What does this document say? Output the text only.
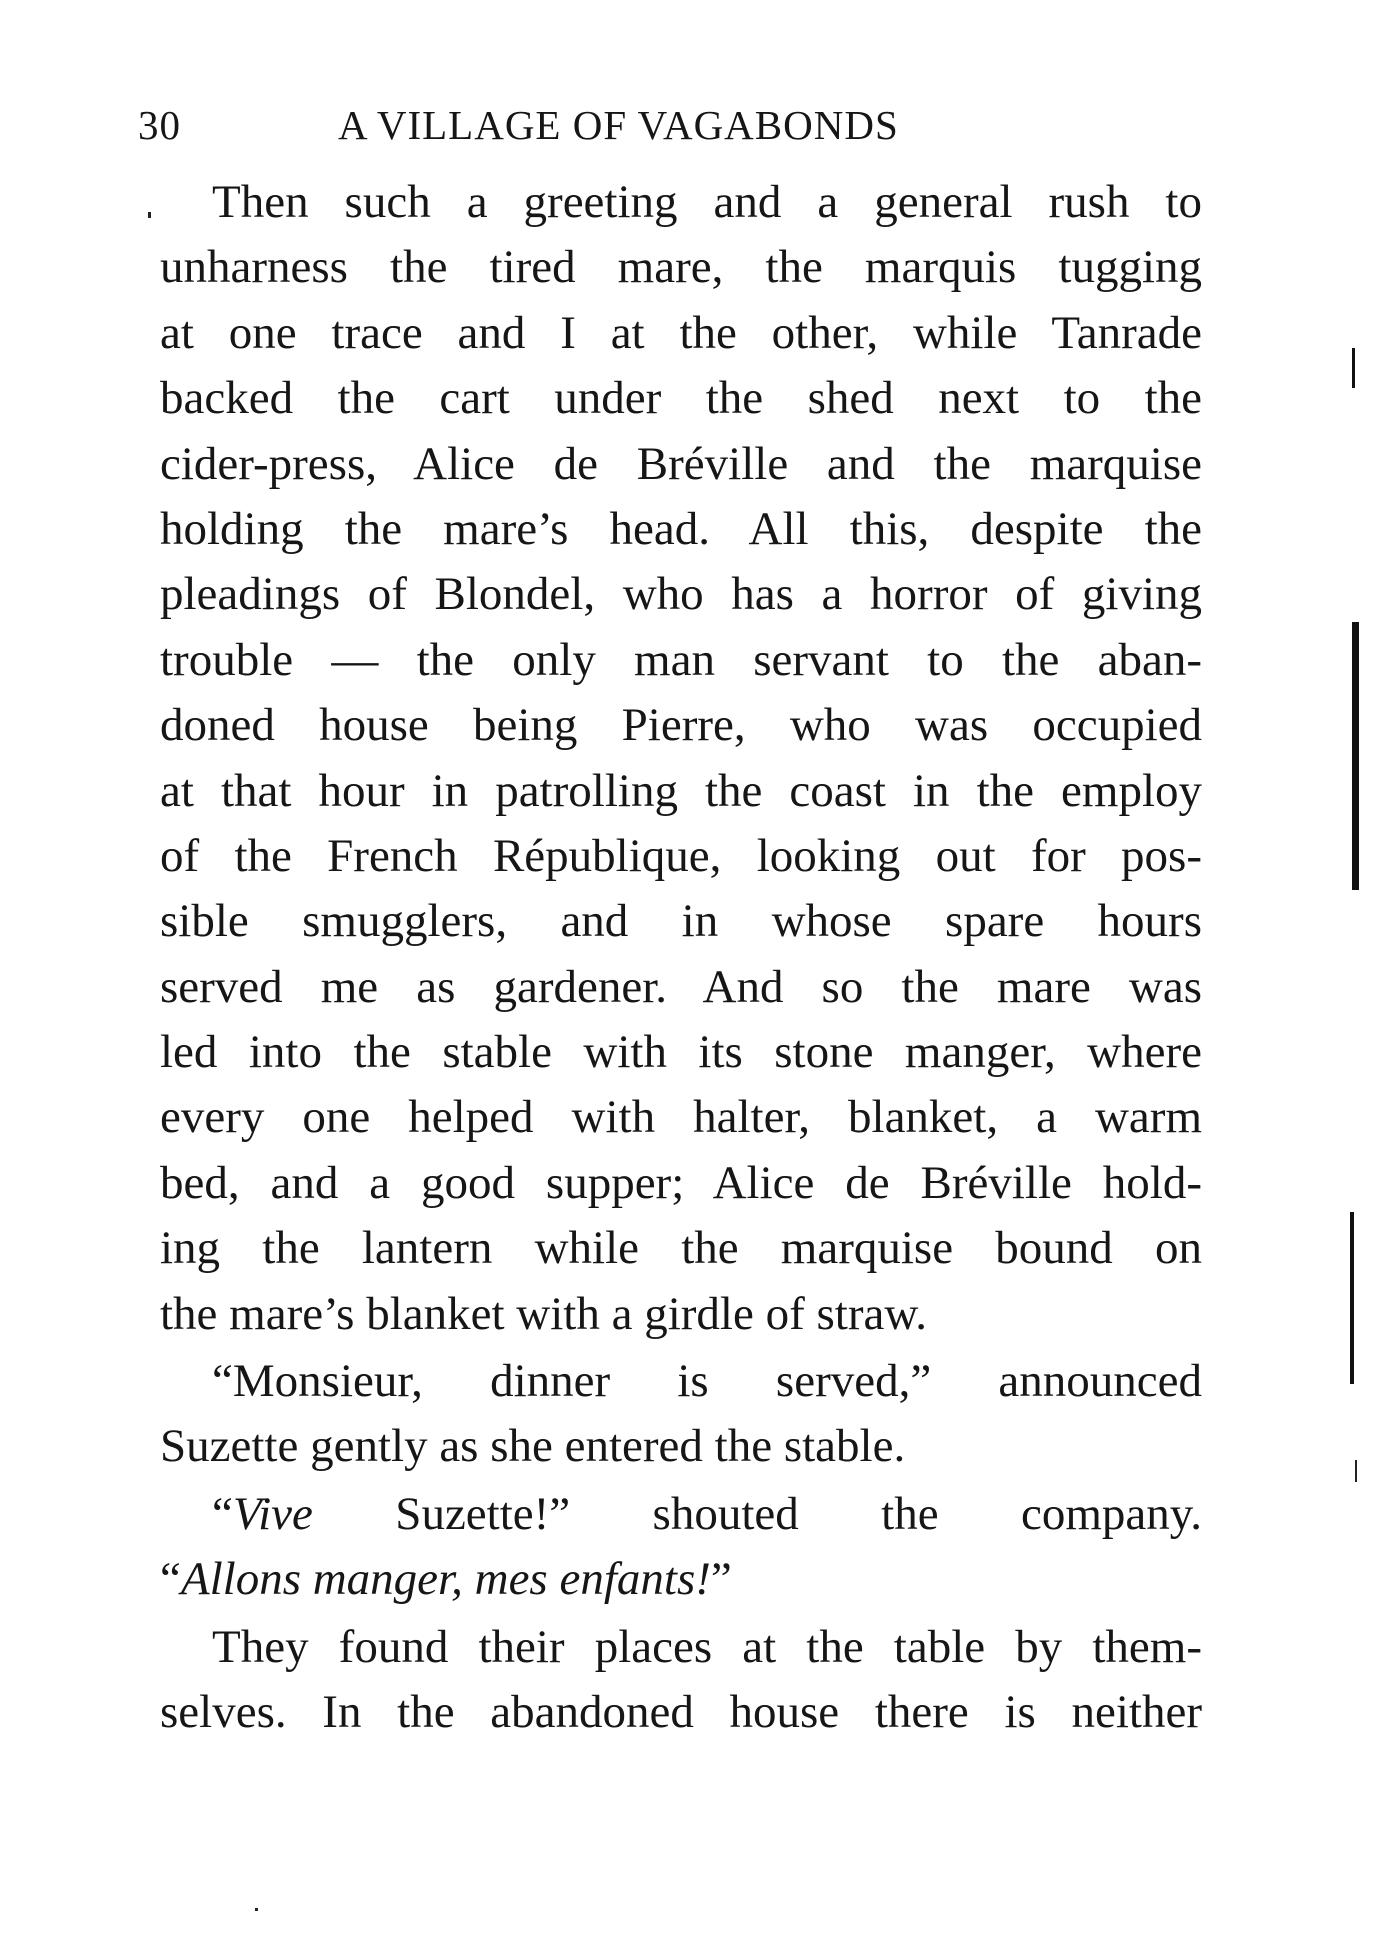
30	A VILLAGE OF VAGABONDS
Then such a greeting and a general rush to
unharness the tired mare, the marquis tugging
at one trace and I at the other, while Tanrade
backed the cart under the shed next to the
cider-press, Alice de Bréville and the marquise
holding the mare’s head. All this, despite the
pleadings of Blondel, who has a horror of giving
trouble — the only man servant to the aban-
doned house being Pierre, who was occupied
at that hour in patrolling the coast in the employ
of the French République, looking out for pos-
sible smugglers, and in whose spare hours
served me as gardener. And so the mare was
led into the stable with its stone manger, where
every one helped with halter, blanket, a warm
bed, and a good supper; Alice de Bréville hold-
ing the lantern while the marquise bound on
the mare’s blanket with a girdle of straw.
“Monsieur, dinner is served,” announced
Suzette gently as she entered the stable.
“Vive Suzette!” shouted the company.
“Allons manger, mes enfants!”
They found their places at the table by them-
selves. In the abandoned house there is neither
